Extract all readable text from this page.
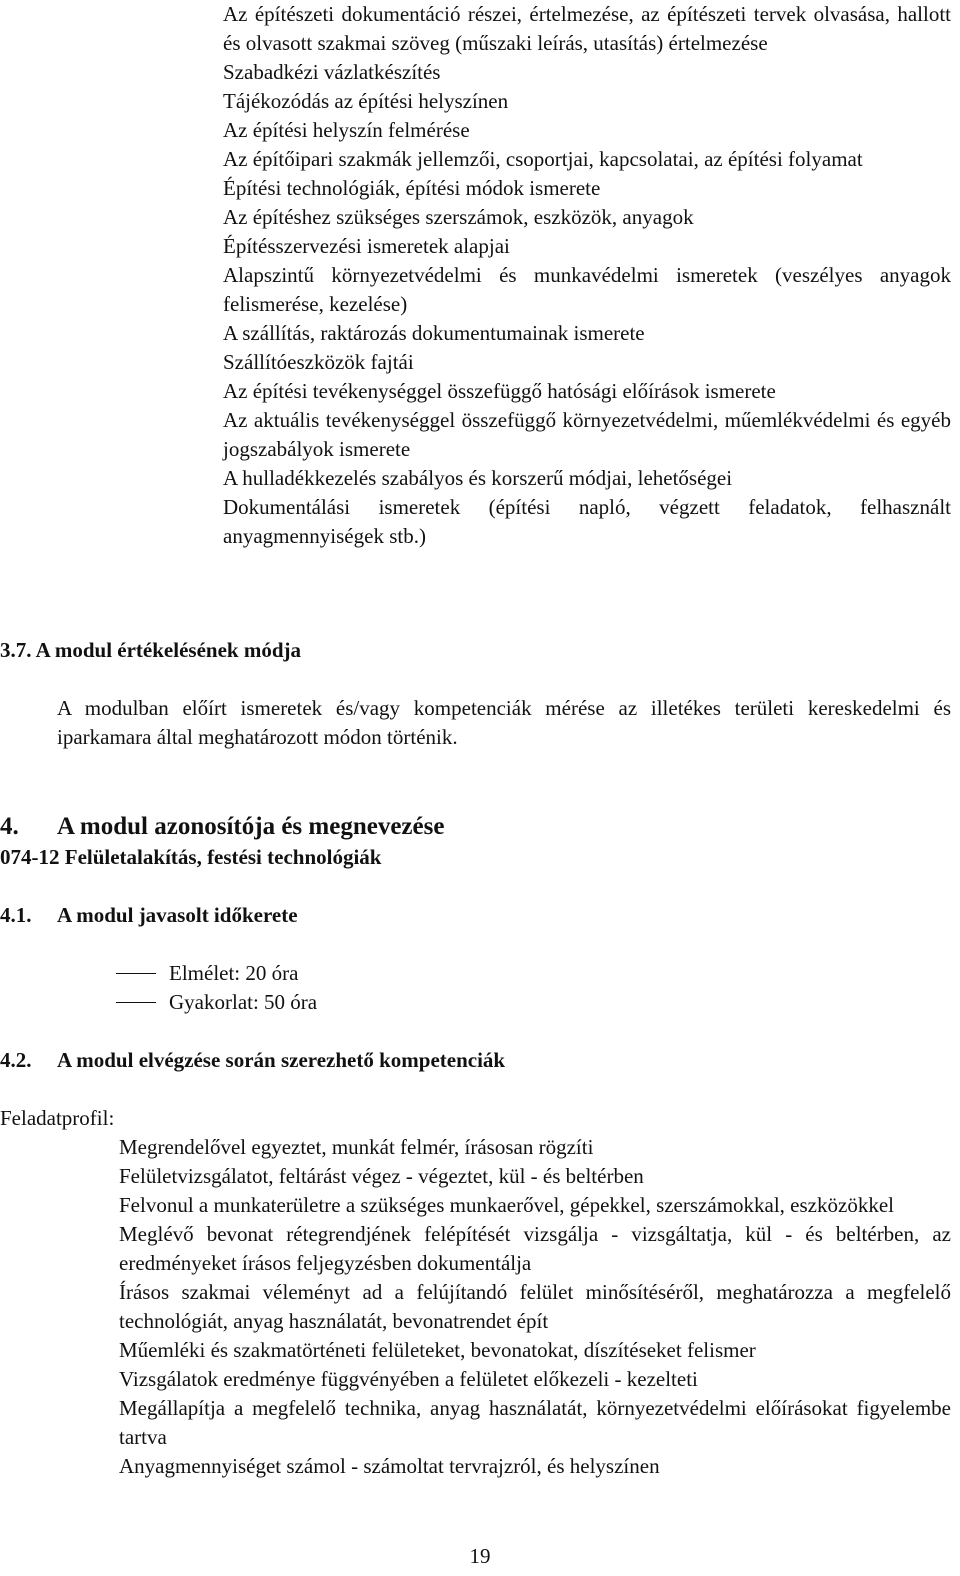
Az építészeti dokumentáció részei, értelmezése, az építészeti tervek olvasása, hallott és olvasott szakmai szöveg (műszaki leírás, utasítás) értelmezése
Szabadkézi vázlatkészítés
Tájékozódás az építési helyszínen
Az építési helyszín felmérése
Az építőipari szakmák jellemzői, csoportjai, kapcsolatai, az építési folyamat
Építési technológiák, építési módok ismerete
Az építéshez szükséges szerszámok, eszközök, anyagok
Építésszervezési ismeretek alapjai
Alapszintű környezetvédelmi és munkavédelmi ismeretek (veszélyes anyagok felismerése, kezelése)
A szállítás, raktározás dokumentumainak ismerete
Szállítóeszközök fajtái
Az építési tevékenységgel összefüggő hatósági előírások ismerete
Az aktuális tevékenységgel összefüggő környezetvédelmi, műemlékvédelmi és egyéb jogszabályok ismerete
A hulladékkezelés szabályos és korszerű módjai, lehetőségei
Dokumentálási ismeretek (építési napló, végzett feladatok, felhasznált anyagmennyiségek stb.)
3.7. A modul értékelésének módja
A modulban előírt ismeretek és/vagy kompetenciák mérése az illetékes területi kereskedelmi és iparkamara által meghatározott módon történik.
4. A modul azonosítója és megnevezése
074-12 Felületalakítás, festési technológiák
4.1. A modul javasolt időkerete
Elmélet: 20 óra
Gyakorlat: 50 óra
4.2. A modul elvégzése során szerezhető kompetenciák
Feladatprofil:
Megrendelővel egyeztet, munkát felmér, írásosan rögzíti
Felületvizsgálatot, feltárást végez - végeztet, kül - és beltérben
Felvonul a munkaterületre a szükséges munkaerővel, gépekkel, szerszámokkal, eszközökkel
Meglévő bevonat rétegrendjének felépítését vizsgálja - vizsgáltatja, kül - és beltérben, az eredményeket írásos feljegyzésben dokumentálja
Írásos szakmai véleményt ad a felújítandó felület minősítéséről, meghatározza a megfelelő technológiát, anyag használatát, bevonatrendet épít
Műemléki és szakmatörténeti felületeket, bevonatokat, díszítéseket felismer
Vizsgálatok eredménye függvényében a felületet előkezeli - kezelteti
Megállapítja a megfelelő technika, anyag használatát, környezetvédelmi előírásokat figyelembe tartva
Anyagmennyiséget számol - számoltat tervrajzról, és helyszínen
19
